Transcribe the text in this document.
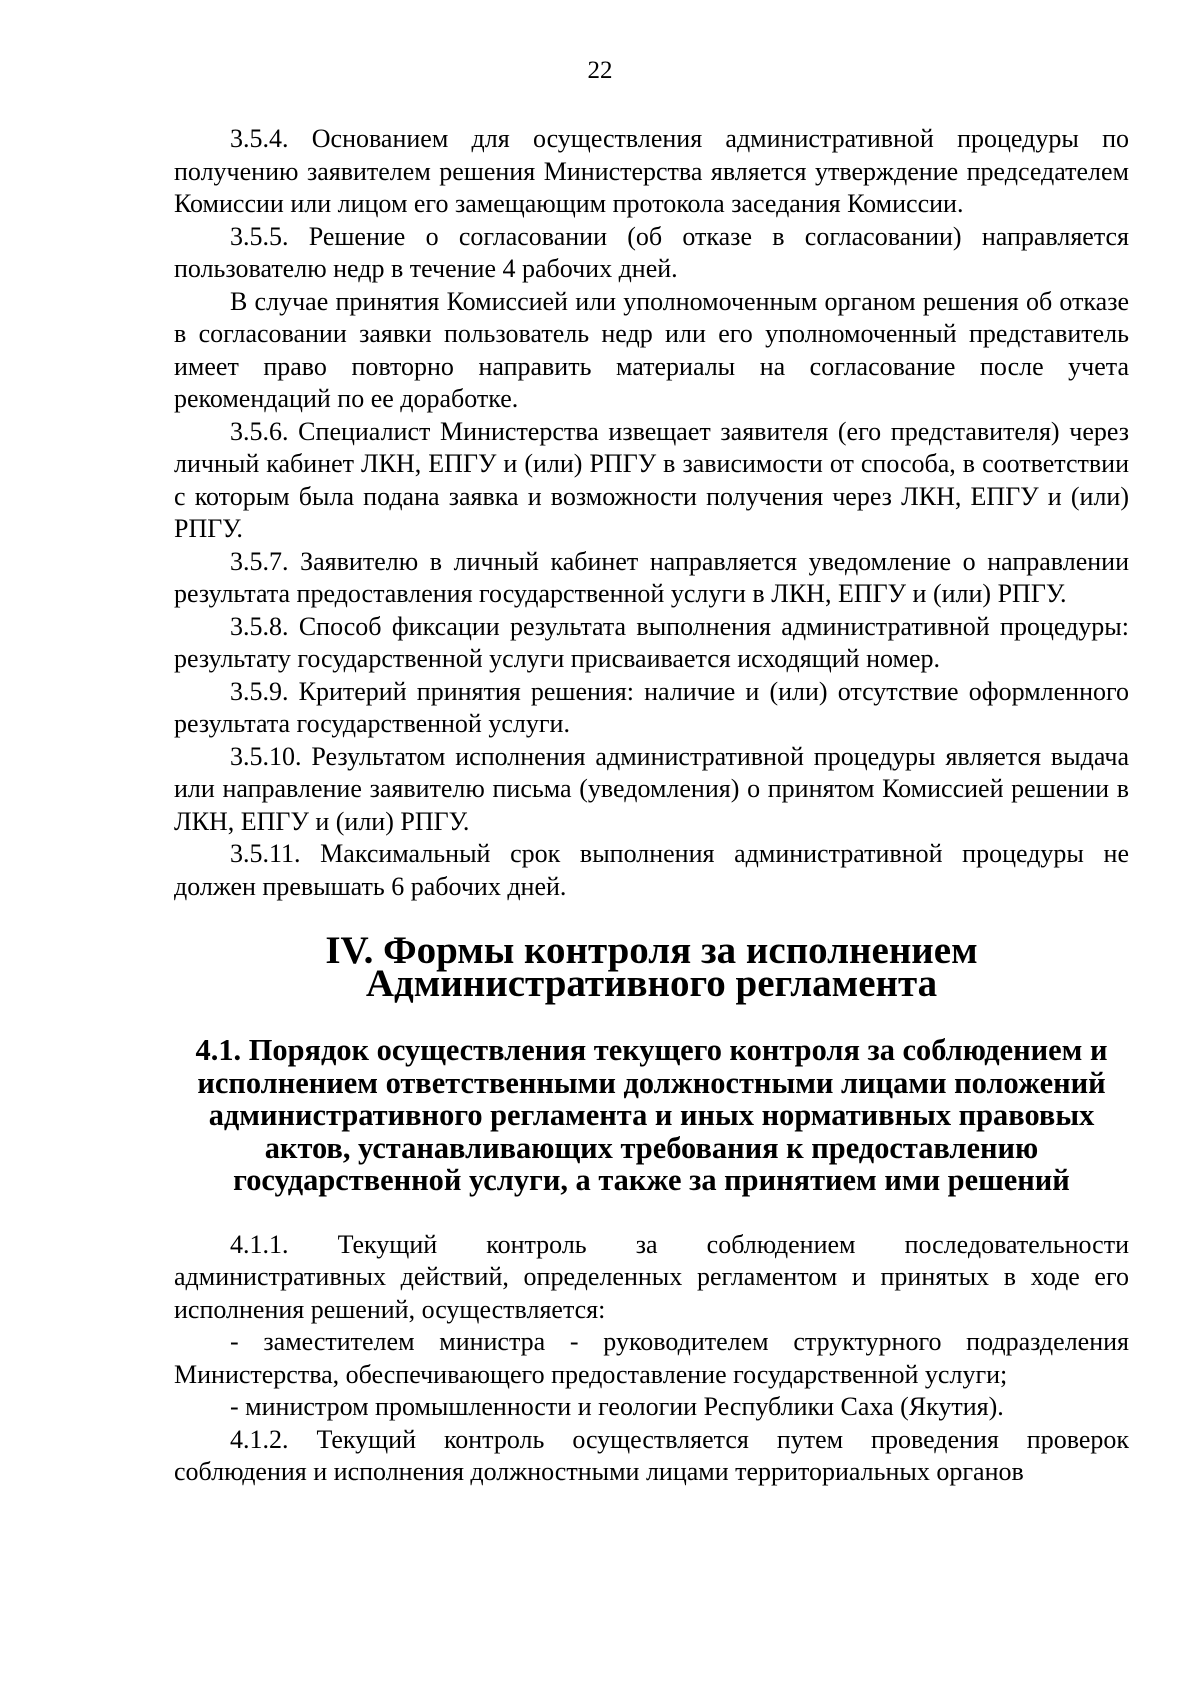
22

3.5.4. Основанием для осуществления административной процедуры по получению заявителем решения Министерства является утверждение председателем Комиссии или лицом его замещающим протокола заседания Комиссии.

3.5.5. Решение о согласовании (об отказе в согласовании) направляется пользователю недр в течение 4 рабочих дней.

В случае принятия Комиссией или уполномоченным органом решения об отказе в согласовании заявки пользователь недр или его уполномоченный представитель имеет право повторно направить материалы на согласование после учета рекомендаций по ее доработке.

3.5.6. Специалист Министерства извещает заявителя (его представителя) через личный кабинет ЛКН, ЕПГУ и (или) РПГУ в зависимости от способа, в соответствии с которым была подана заявка и возможности получения через ЛКН, ЕПГУ и (или) РПГУ.

3.5.7. Заявителю в личный кабинет направляется уведомление о направлении результата предоставления государственной услуги в ЛКН, ЕПГУ и (или) РПГУ.

3.5.8. Способ фиксации результата выполнения административной процедуры: результату государственной услуги присваивается исходящий номер.

3.5.9. Критерий принятия решения: наличие и (или) отсутствие оформленного результата государственной услуги.

3.5.10. Результатом исполнения административной процедуры является выдача или направление заявителю письма (уведомления) о принятом Комиссией решении в ЛКН, ЕПГУ и (или) РПГУ.

3.5.11. Максимальный срок выполнения административной процедуры не должен превышать 6 рабочих дней.

IV. Формы контроля за исполнением Административного регламента
4.1. Порядок осуществления текущего контроля за соблюдением и исполнением ответственными должностными лицами положений административного регламента и иных нормативных правовых актов, устанавливающих требования к предоставлению государственной услуги, а также за принятием ими решений

4.1.1. Текущий контроль за соблюдением последовательности административных действий, определенных регламентом и принятых в ходе его исполнения решений, осуществляется:

- заместителем министра - руководителем структурного подразделения Министерства, обеспечивающего предоставление государственной услуги;

- министром промышленности и геологии Республики Саха (Якутия).

4.1.2. Текущий контроль осуществляется путем проведения проверок соблюдения и исполнения должностными лицами территориальных органов
